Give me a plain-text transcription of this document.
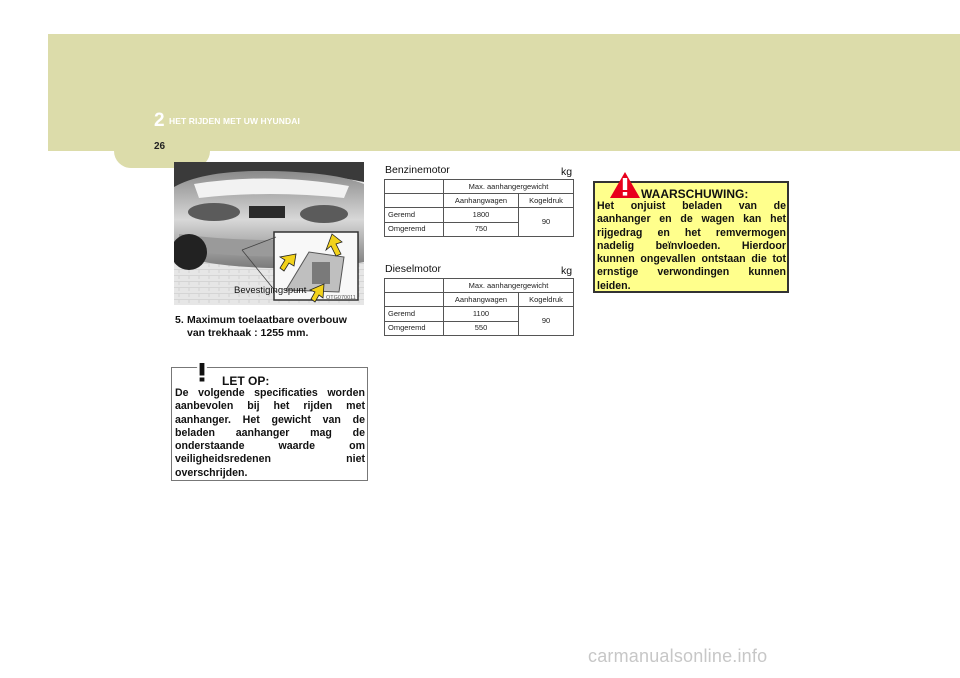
2 HET RIJDEN MET UW HYUNDAI
26
Bevestigingspunt
OTG070011
5. Maximum toelaatbare overbouw
van trekhaak : 1255 mm.
LET OP:
De volgende specificaties worden aanbevolen bij het rijden met aanhanger. Het gewicht van de beladen aanhanger mag de onderstaande waarde om veiligheidsredenen niet overschrijden.
Benzinemotor	kg
	Max. aanhangergewicht	
	Aanhangwagen	Kogeldruk
Geremd	1800	90
Omgeremd	750	
Dieselmotor	kg
	Max. aanhangergewicht	
	Aanhangwagen	Kogeldruk
Geremd	1100	90
Omgeremd	550	
WAARSCHUWING:
Het onjuist beladen van de aanhanger en de wagen kan het rijgedrag en het remvermogen nadelig beïnvloeden. Hierdoor kunnen ongevallen ontstaan die tot ernstige verwondingen kunnen leiden.
carmanualsonline.info
